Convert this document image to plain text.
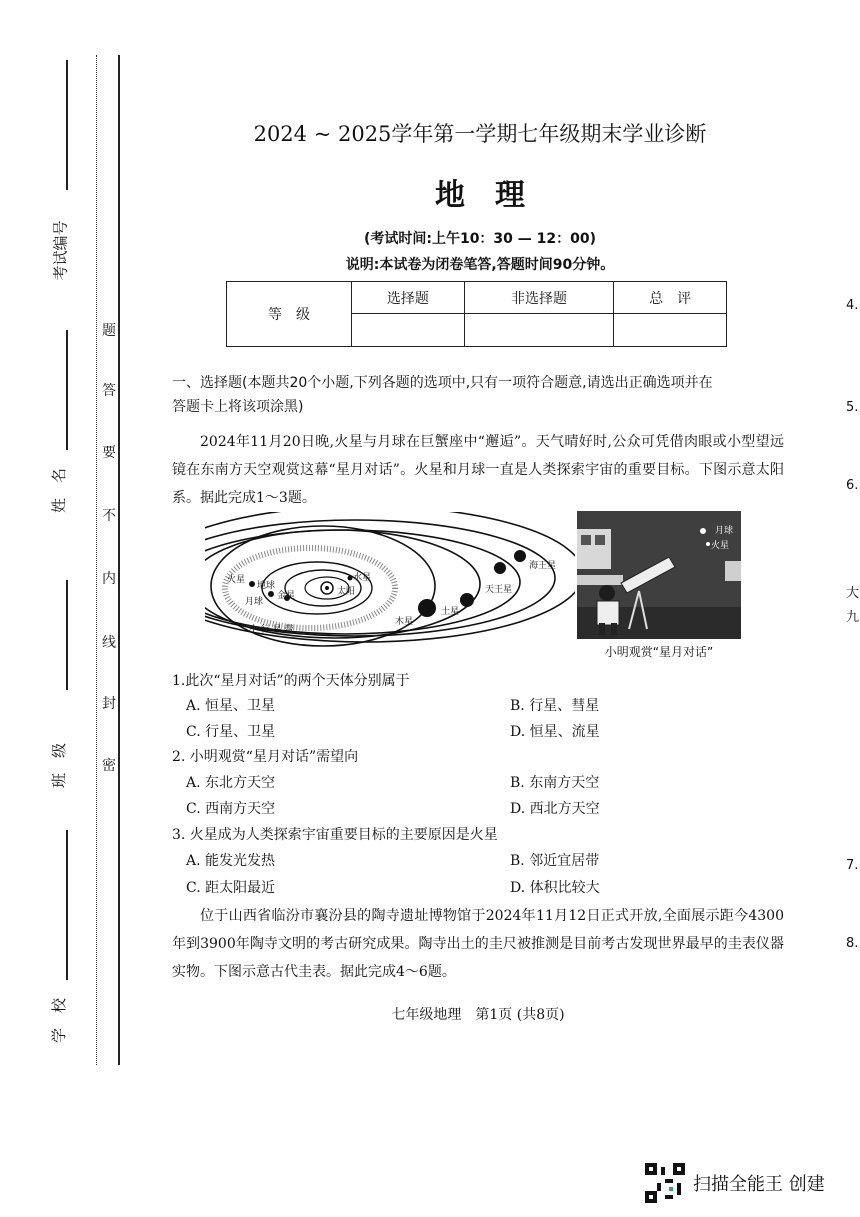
考试编号
姓　名
班　级
学　校
题
答
要
不
内
线
封
密
2024 ~ 2025学年第一学期七年级期末学业诊断
地　理
(考试时间:上午10：30 — 12：00)
说明:本试卷为闭卷笔答,答题时间90分钟。
等　级	选择题	非选择题	总　评

一、选择题(本题共20个小题,下列各题的选项中,只有一项符合题意,请选出正确选项并在
答题卡上将该项涂黑)
2024年11月20日晚,火星与月球在巨蟹座中“邂逅”。天气晴好时,公众可凭借肉眼或小型望远镜在东南方天空观赏这幕“星月对话”。火星和月球一直是人类探索宇宙的重要目标。下图示意太阳系。据此完成1～3题。
火星
地球
月球
金星
水星
太阳
小 行 星 带
木星
土星
天王星
海王星
月球
火星
小明观赏“星月对话”
1.此次“星月对话”的两个天体分别属于
A. 恒星、卫星	B. 行星、彗星
C. 行星、卫星	D. 恒星、流星
2. 小明观赏“星月对话”需望向
A. 东北方天空	B. 东南方天空
C. 西南方天空	D. 西北方天空
3. 火星成为人类探索宇宙重要目标的主要原因是火星
A. 能发光发热	B. 邻近宜居带
C. 距太阳最近	D. 体积比较大
位于山西省临汾市襄汾县的陶寺遗址博物馆于2024年11月12日正式开放,全面展示距今4300年到3900年陶寺文明的考古研究成果。陶寺出土的圭尺被推测是目前考古发现世界最早的圭表仪器实物。下图示意古代圭表。据此完成4～6题。
七年级地理　第1页 (共8页)
4.
5.
6.
大
九
7.
8.
扫描全能王 创建
